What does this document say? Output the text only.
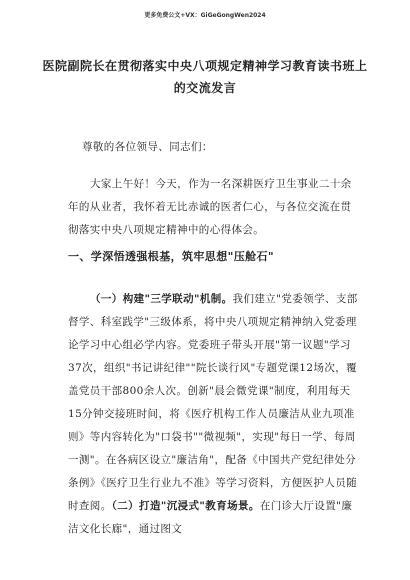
更多免费公文+VX：GiGeGongWen2024
医院副院长在贯彻落实中央八项规定精神学习教育读书班上的交流发言
尊敬的各位领导、同志们：
大家上午好！今天，作为一名深耕医疗卫生事业二十余年的从业者，我怀着无比赤诚的医者仁心，与各位交流在贯彻落实中央八项规定精神中的心得体会。
一、学深悟透强根基，筑牢思想"压舱石"
（一）构建"三学联动"机制。我们建立"党委领学、支部督学、科室践学"三级体系，将中央八项规定精神纳入党委理论学习中心组必学内容。党委班子带头开展"第一议题"学习37次，组织"书记讲纪律""院长谈行风"专题党课12场次，覆盖党员干部800余人次。创新"晨会微党课"制度，利用每天15分钟交接班时间，将《医疗机构工作人员廉洁从业九项准则》等内容转化为"口袋书""微视频"，实现"每日一学、每周一测"。在各病区设立"廉洁角"，配备《中国共产党纪律处分条例》《医疗卫生行业九不准》等学习资料，方便医护人员随时查阅。（二）打造"沉浸式"教育场景。在门诊大厅设置"廉洁文化长廊"，通过图文
